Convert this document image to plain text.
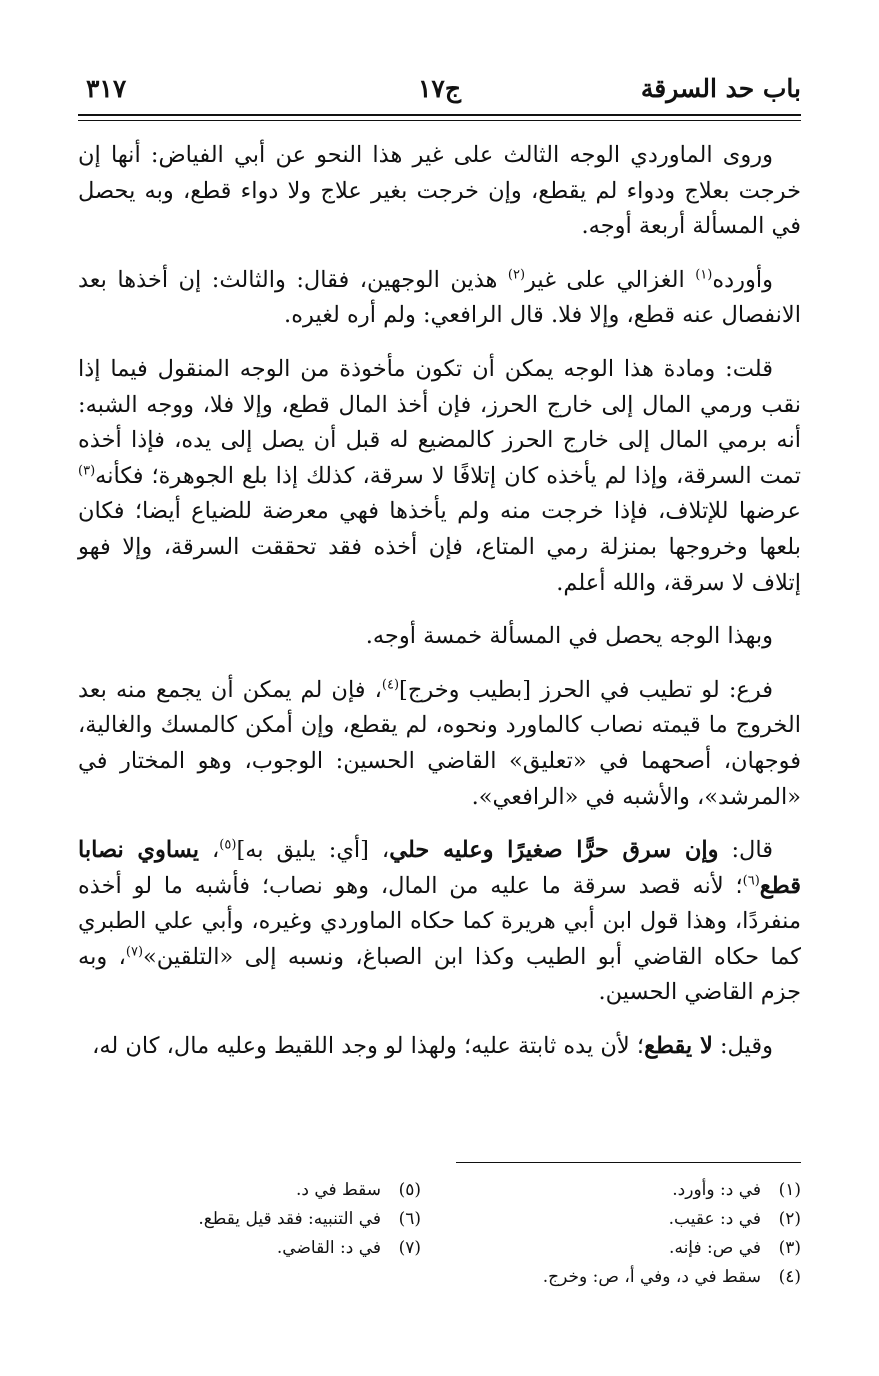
باب حد السرقة
ج١٧
٣١٧

وروى الماوردي الوجه الثالث على غير هذا النحو عن أبي الفياض: أنها إن خرجت بعلاج ودواء لم يقطع، وإن خرجت بغير علاج ولا دواء قطع، وبه يحصل في المسألة أربعة أوجه.

وأورده$^{(١)}$ الغزالي على غير$^{(٢)}$ هذين الوجهين، فقال: والثالث: إن أخذها بعد الانفصال عنه قطع، وإلا فلا. قال الرافعي: ولم أره لغيره.

قلت: ومادة هذا الوجه يمكن أن تكون مأخوذة من الوجه المنقول فيما إذا نقب ورمي المال إلى خارج الحرز، فإن أخذ المال قطع، وإلا فلا، ووجه الشبه: أنه برمي المال إلى خارج الحرز كالمضيع له قبل أن يصل إلى يده، فإذا أخذه تمت السرقة، وإذا لم يأخذه كان إتلافًا لا سرقة، كذلك إذا بلع الجوهرة؛ فكأنه$^{(٣)}$ عرضها للإتلاف، فإذا خرجت منه ولم يأخذها فهي معرضة للضياع أيضا؛ فكان بلعها وخروجها بمنزلة رمي المتاع، فإن أخذه فقد تحققت السرقة، وإلا فهو إتلاف لا سرقة، والله أعلم.

وبهذا الوجه يحصل في المسألة خمسة أوجه.

فرع: لو تطيب في الحرز [بطيب وخرج]$^{(٤)}$، فإن لم يمكن أن يجمع منه بعد الخروج ما قيمته نصاب كالماورد ونحوه، لم يقطع، وإن أمكن كالمسك والغالية، فوجهان، أصحهما في «تعليق» القاضي الحسين: الوجوب، وهو المختار في «المرشد»، والأشبه في «الرافعي».

قال: وإن سرق حرًّا صغيرًا وعليه حلي، [أي: يليق به]$^{(٥)}$، يساوي نصابا قطع$^{(٦)}$؛ لأنه قصد سرقة ما عليه من المال، وهو نصاب؛ فأشبه ما لو أخذه منفردًا، وهذا قول ابن أبي هريرة كما حكاه الماوردي وغيره، وأبي علي الطبري كما حكاه القاضي أبو الطيب وكذا ابن الصباغ، ونسبه إلى «التلقين»$^{(٧)}$، وبه جزم القاضي الحسين.

وقيل: لا يقطع؛ لأن يده ثابتة عليه؛ ولهذا لو وجد اللقيط وعليه مال، كان له،

(١)في د: وأورد.
(٢)في د: عقيب.
(٣)في ص: فإنه.
(٤)سقط في د، وفي أ، ص: وخرج.
(٥)سقط في د.
(٦)في التنبيه: فقد قيل يقطع.
(٧)في د: القاضي.
